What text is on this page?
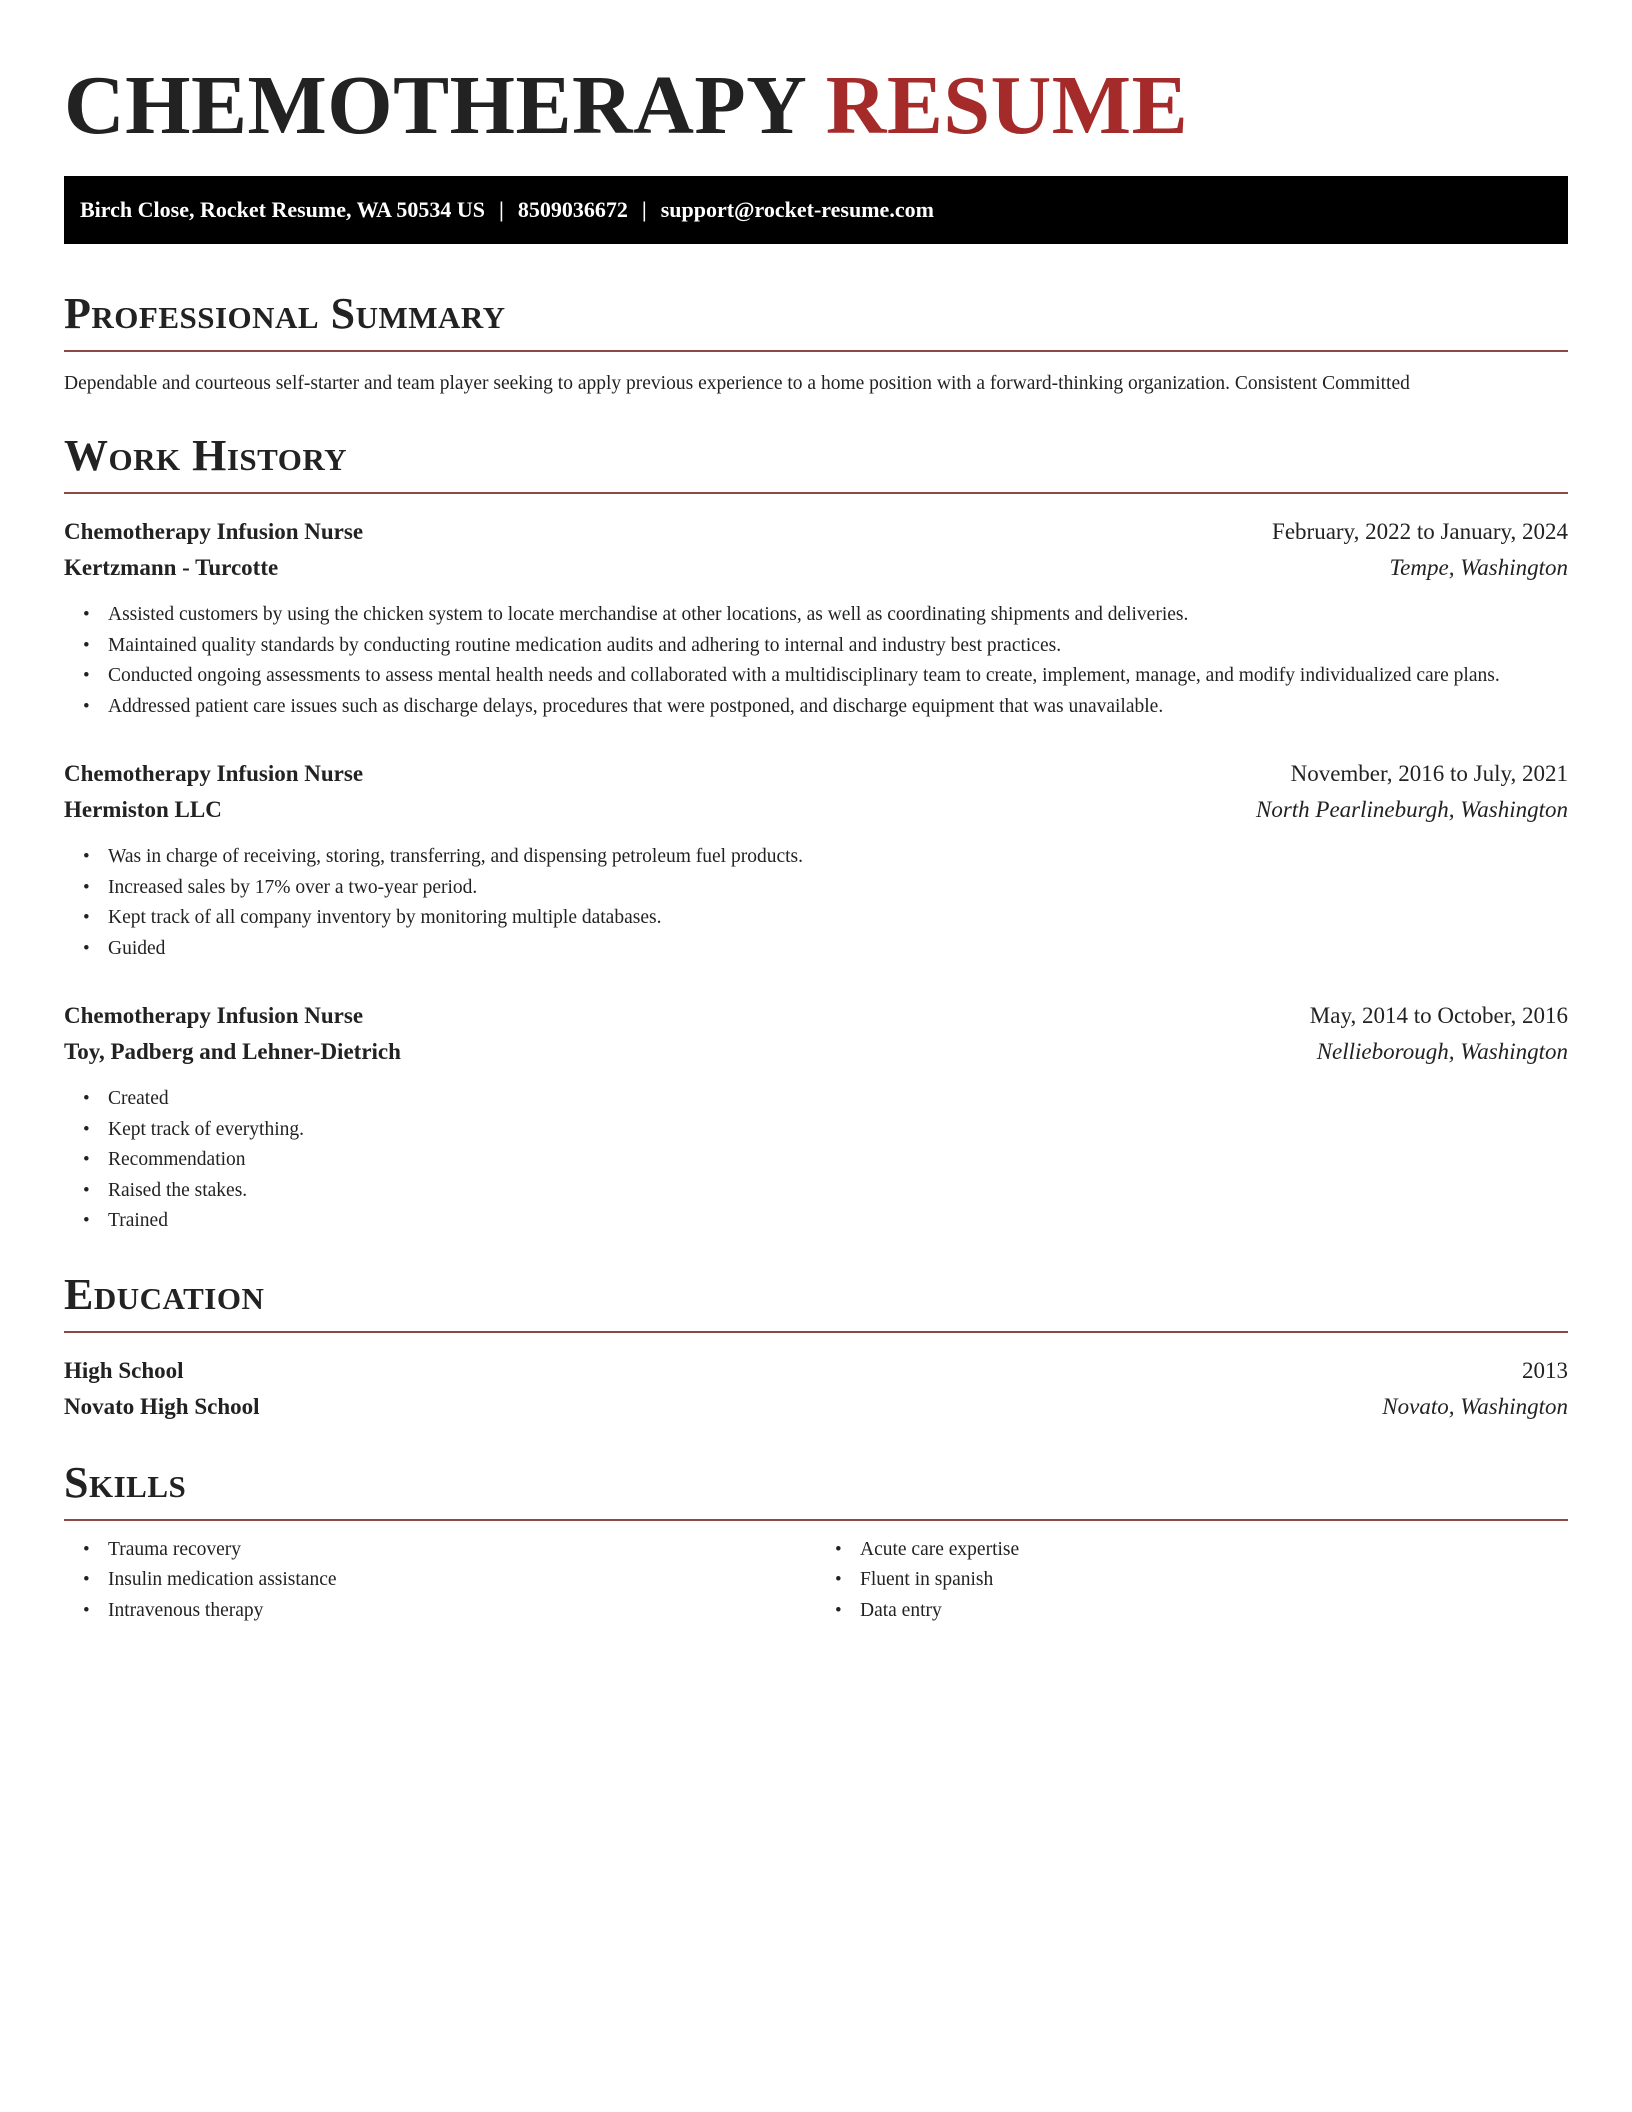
CHEMOTHERAPY RESUME
Birch Close, Rocket Resume, WA 50534 US | 8509036672 | support@rocket-resume.com
Professional Summary
Dependable and courteous self-starter and team player seeking to apply previous experience to a home position with a forward-thinking organization. Consistent Committed
Work History
Chemotherapy Infusion Nurse	February, 2022 to January, 2024
Kertzmann - Turcotte	Tempe, Washington
• Assisted customers by using the chicken system to locate merchandise at other locations, as well as coordinating shipments and deliveries.
• Maintained quality standards by conducting routine medication audits and adhering to internal and industry best practices.
• Conducted ongoing assessments to assess mental health needs and collaborated with a multidisciplinary team to create, implement, manage, and modify individualized care plans.
• Addressed patient care issues such as discharge delays, procedures that were postponed, and discharge equipment that was unavailable.
Chemotherapy Infusion Nurse	November, 2016 to July, 2021
Hermiston LLC	North Pearlineburgh, Washington
• Was in charge of receiving, storing, transferring, and dispensing petroleum fuel products.
• Increased sales by 17% over a two-year period.
• Kept track of all company inventory by monitoring multiple databases.
• Guided
Chemotherapy Infusion Nurse	May, 2014 to October, 2016
Toy, Padberg and Lehner-Dietrich	Nellieborough, Washington
• Created
• Kept track of everything.
• Recommendation
• Raised the stakes.
• Trained
Education
High School	2013
Novato High School	Novato, Washington
Skills
• Trauma recovery
• Insulin medication assistance
• Intravenous therapy
• Acute care expertise
• Fluent in spanish
• Data entry
